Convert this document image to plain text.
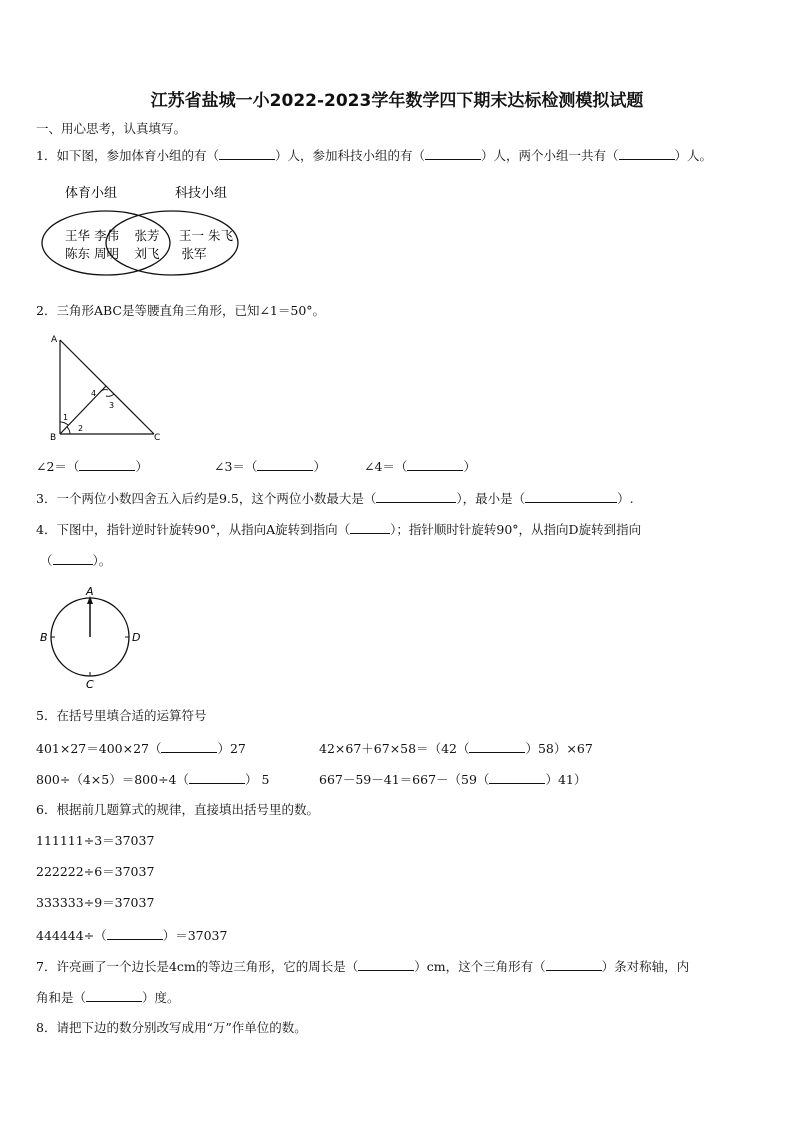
江苏省盐城一小2022-2023学年数学四下期末达标检测模拟试题
一、用心思考，认真填写。
1．如下图，参加体育小组的有（	）人，参加科技小组的有（	）人，两个小组一共有（	）人。
体育小组	科技小组
王华 李伟
陈东 周明
张芳
刘飞
王一 朱飞
张军
2．三角形ABC是等腰直角三角形，已知∠1＝50°。
A
B	C
1
2
3
4
∠2＝（	）	∠3＝（	）	∠4＝（	）
3．一个两位小数四舍五入后约是9.5，这个两位小数最大是（	），最小是（	）.
4．下图中，指针逆时针旋转90°，从指向A旋转到指向（	）；指针顺时针旋转90°，从指向D旋转到指向
（	）。
A
B	D
C
5．在括号里填合适的运算符号
401×27＝400×27（	）27	42×67＋67×58＝（42（	）58）×67
800÷（4×5）＝800÷4（	） 5	667－59－41＝667－（59（	）41）
6．根据前几题算式的规律，直接填出括号里的数。
111111÷3＝37037
222222÷6＝37037
333333÷9＝37037
444444÷（	）＝37037
7．许亮画了一个边长是4cm的等边三角形，它的周长是（	）cm，这个三角形有（	）条对称轴，内
角和是（	）度。
8．请把下边的数分别改写成用“万”作单位的数。
